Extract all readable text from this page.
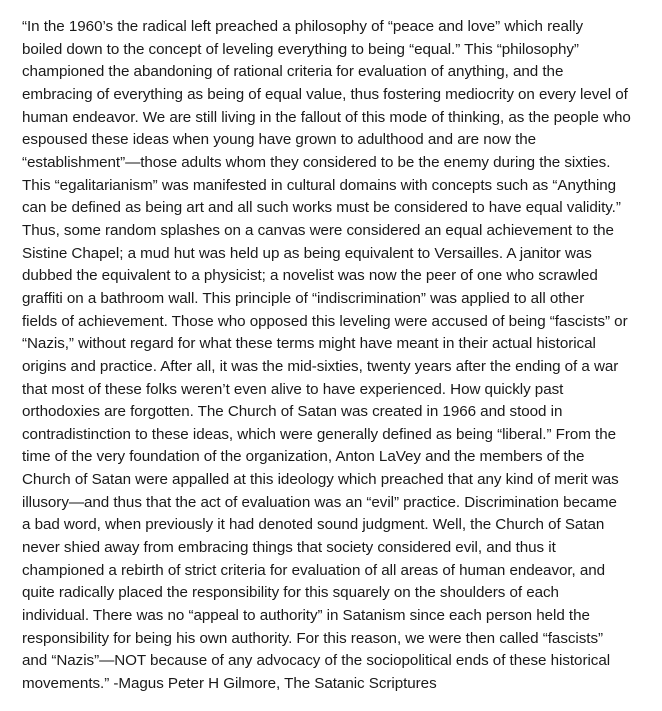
“In the 1960’s the radical left preached a philosophy of “peace and love” which really
boiled down to the concept of leveling everything to being “equal.” This “philosophy”
championed the abandoning of rational criteria for evaluation of anything, and the
embracing of everything as being of equal value, thus fostering mediocrity on every level of
human endeavor. We are still living in the fallout of this mode of thinking, as the people who
espoused these ideas when young have grown to adulthood and are now the
“establishment”—those adults whom they considered to be the enemy during the sixties.
This “egalitarianism” was manifested in cultural domains with concepts such as “Anything
can be defined as being art and all such works must be considered to have equal validity.”
Thus, some random splashes on a canvas were considered an equal achievement to the
Sistine Chapel; a mud hut was held up as being equivalent to Versailles. A janitor was
dubbed the equivalent to a physicist; a novelist was now the peer of one who scrawled
graffiti on a bathroom wall. This principle of “indiscrimination” was applied to all other
fields of achievement. Those who opposed this leveling were accused of being “fascists” or
“Nazis,” without regard for what these terms might have meant in their actual historical
origins and practice. After all, it was the mid-sixties, twenty years after the ending of a war
that most of these folks weren’t even alive to have experienced. How quickly past
orthodoxies are forgotten. The Church of Satan was created in 1966 and stood in
contradistinction to these ideas, which were generally defined as being “liberal.” From the
time of the very foundation of the organization, Anton LaVey and the members of the
Church of Satan were appalled at this ideology which preached that any kind of merit was
illusory—and thus that the act of evaluation was an “evil” practice. Discrimination became
a bad word, when previously it had denoted sound judgment. Well, the Church of Satan
never shied away from embracing things that society considered evil, and thus it
championed a rebirth of strict criteria for evaluation of all areas of human endeavor, and
quite radically placed the responsibility for this squarely on the shoulders of each
individual. There was no “appeal to authority” in Satanism since each person held the
responsibility for being his own authority. For this reason, we were then called “fascists”
and “Nazis”—NOT because of any advocacy of the sociopolitical ends of these historical
movements.” -Magus Peter H Gilmore, The Satanic Scriptures
